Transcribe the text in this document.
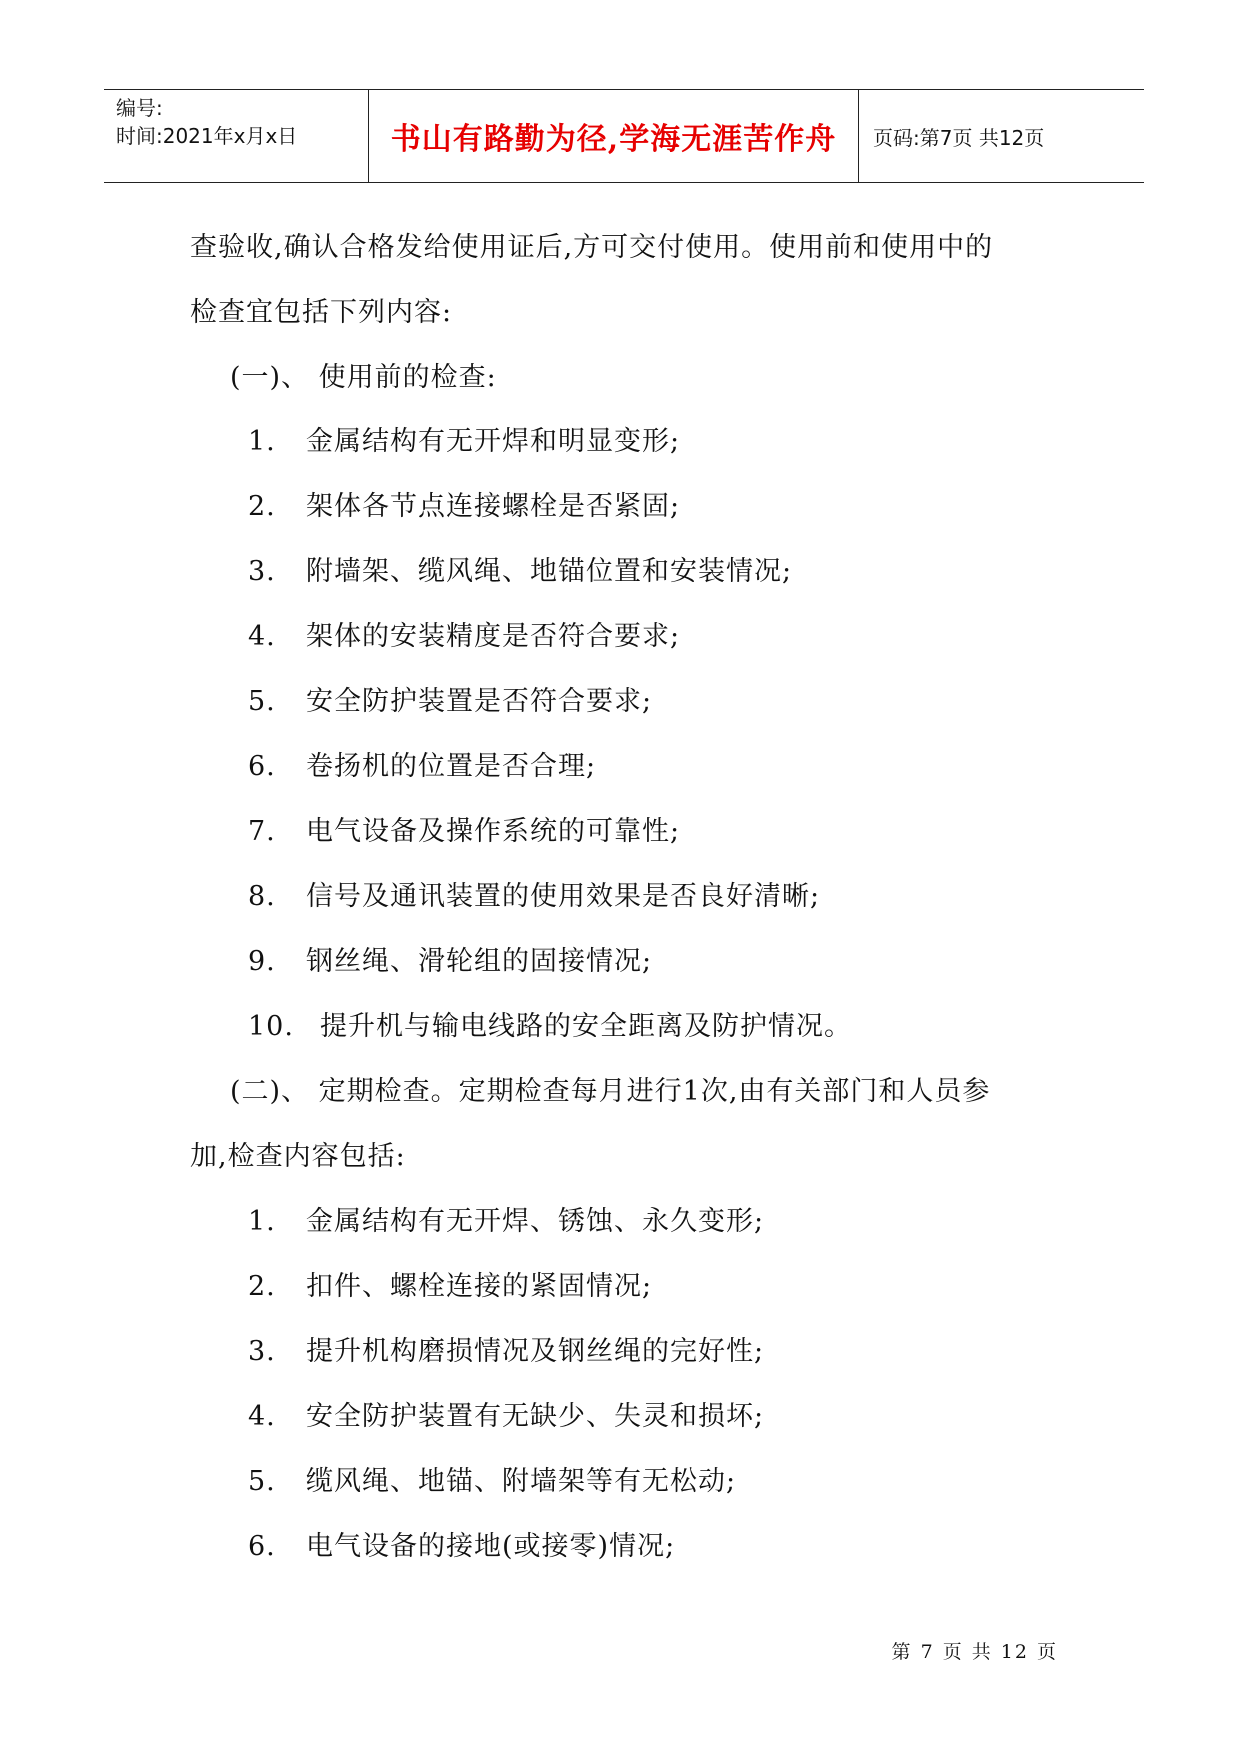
编号:
时间:2021年x月x日	书山有路勤为径,学海无涯苦作舟	页码:第7页 共12页
查验收,确认合格发给使用证后,方可交付使用。使用前和使用中的
检查宜包括下列内容:
(一)、 使用前的检查:
1. 金属结构有无开焊和明显变形;
2. 架体各节点连接螺栓是否紧固;
3. 附墙架、缆风绳、地锚位置和安装情况;
4. 架体的安装精度是否符合要求;
5. 安全防护装置是否符合要求;
6. 卷扬机的位置是否合理;
7. 电气设备及操作系统的可靠性;
8. 信号及通讯装置的使用效果是否良好清晰;
9. 钢丝绳、滑轮组的固接情况;
10. 提升机与输电线路的安全距离及防护情况。
(二)、 定期检查。定期检查每月进行1次,由有关部门和人员参
加,检查内容包括:
1. 金属结构有无开焊、锈蚀、永久变形;
2. 扣件、螺栓连接的紧固情况;
3. 提升机构磨损情况及钢丝绳的完好性;
4. 安全防护装置有无缺少、失灵和损坏;
5. 缆风绳、地锚、附墙架等有无松动;
6. 电气设备的接地(或接零)情况;
第 7 页 共 12 页
